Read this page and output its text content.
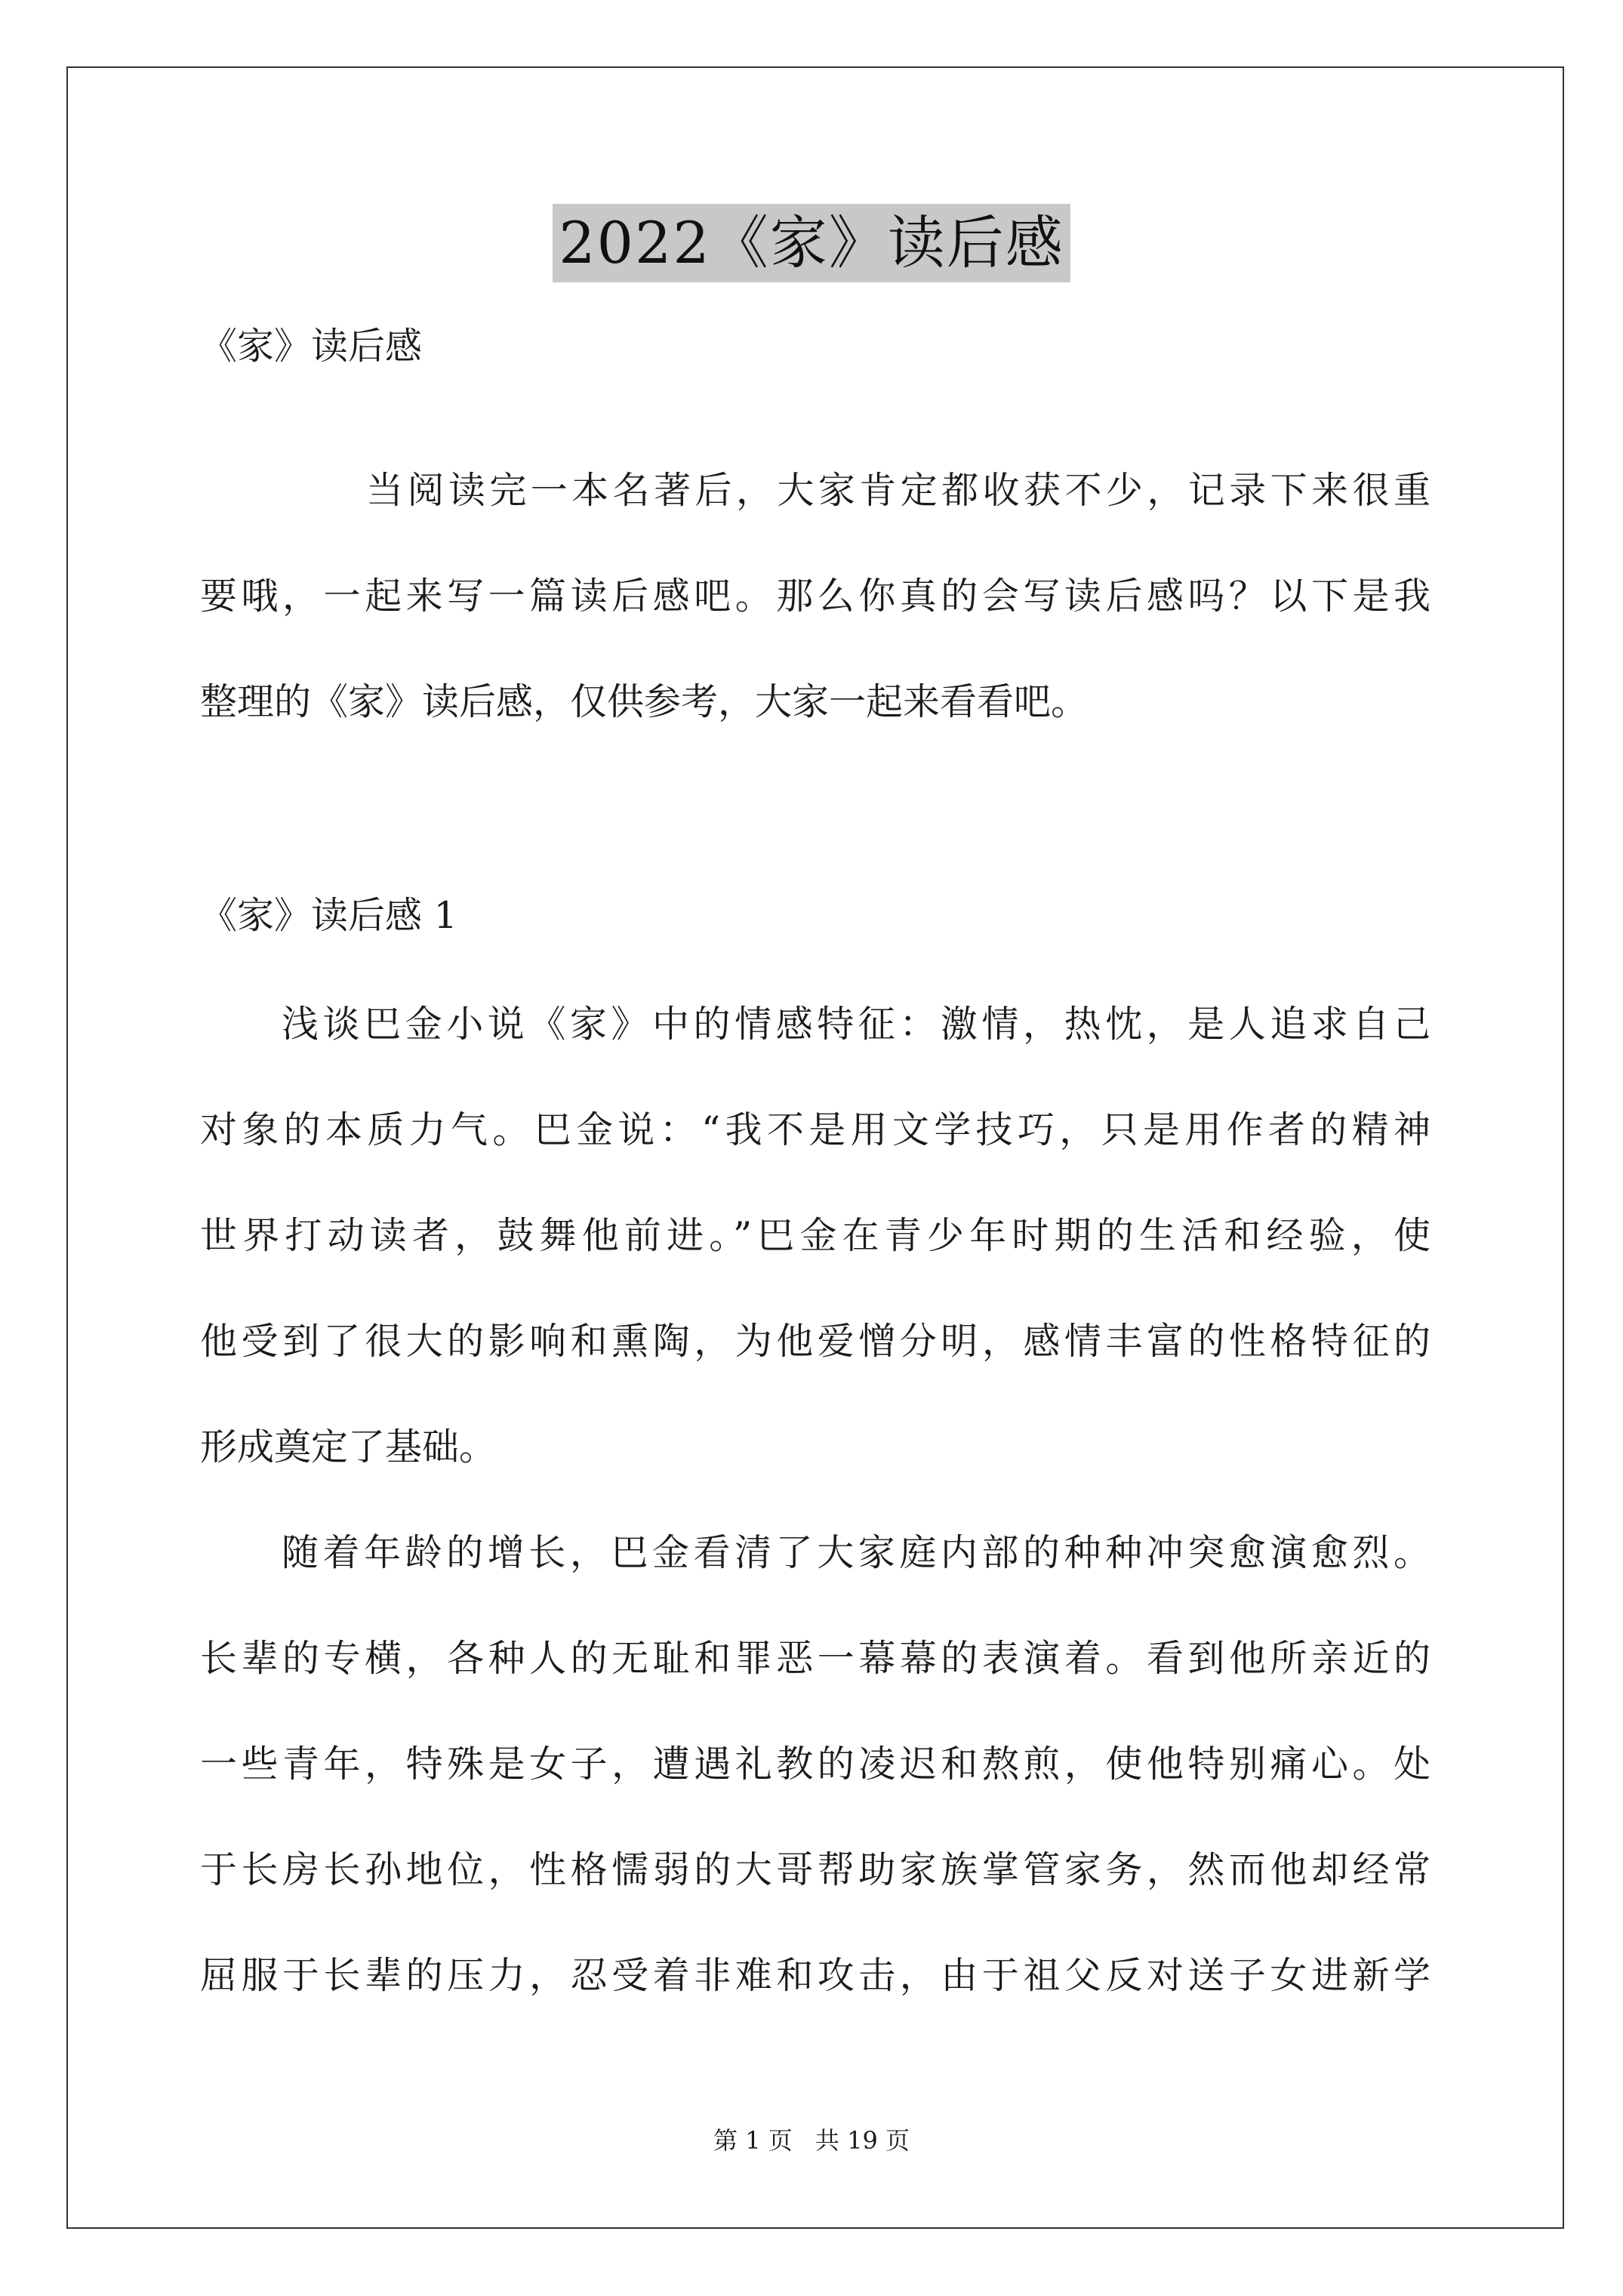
2022《家》读后感
《家》读后感
当阅读完一本名著后，大家肯定都收获不少，记录下来很重
要哦，一起来写一篇读后感吧。那么你真的会写读后感吗？以下是我
整理的《家》读后感，仅供参考，大家一起来看看吧。
《家》读后感 1
浅谈巴金小说《家》中的情感特征：激情，热忱，是人追求自己
对象的本质力气。巴金说：“我不是用文学技巧，只是用作者的精神
世界打动读者，鼓舞他前进。”巴金在青少年时期的生活和经验，使
他受到了很大的影响和熏陶，为他爱憎分明，感情丰富的性格特征的
形成奠定了基础。
随着年龄的增长，巴金看清了大家庭内部的种种冲突愈演愈烈。
长辈的专横，各种人的无耻和罪恶一幕幕的表演着。看到他所亲近的
一些青年，特殊是女子，遭遇礼教的凌迟和熬煎，使他特别痛心。处
于长房长孙地位，性格懦弱的大哥帮助家族掌管家务，然而他却经常
屈服于长辈的压力，忍受着非难和攻击，由于祖父反对送子女进新学
第 1 页 共 19 页
